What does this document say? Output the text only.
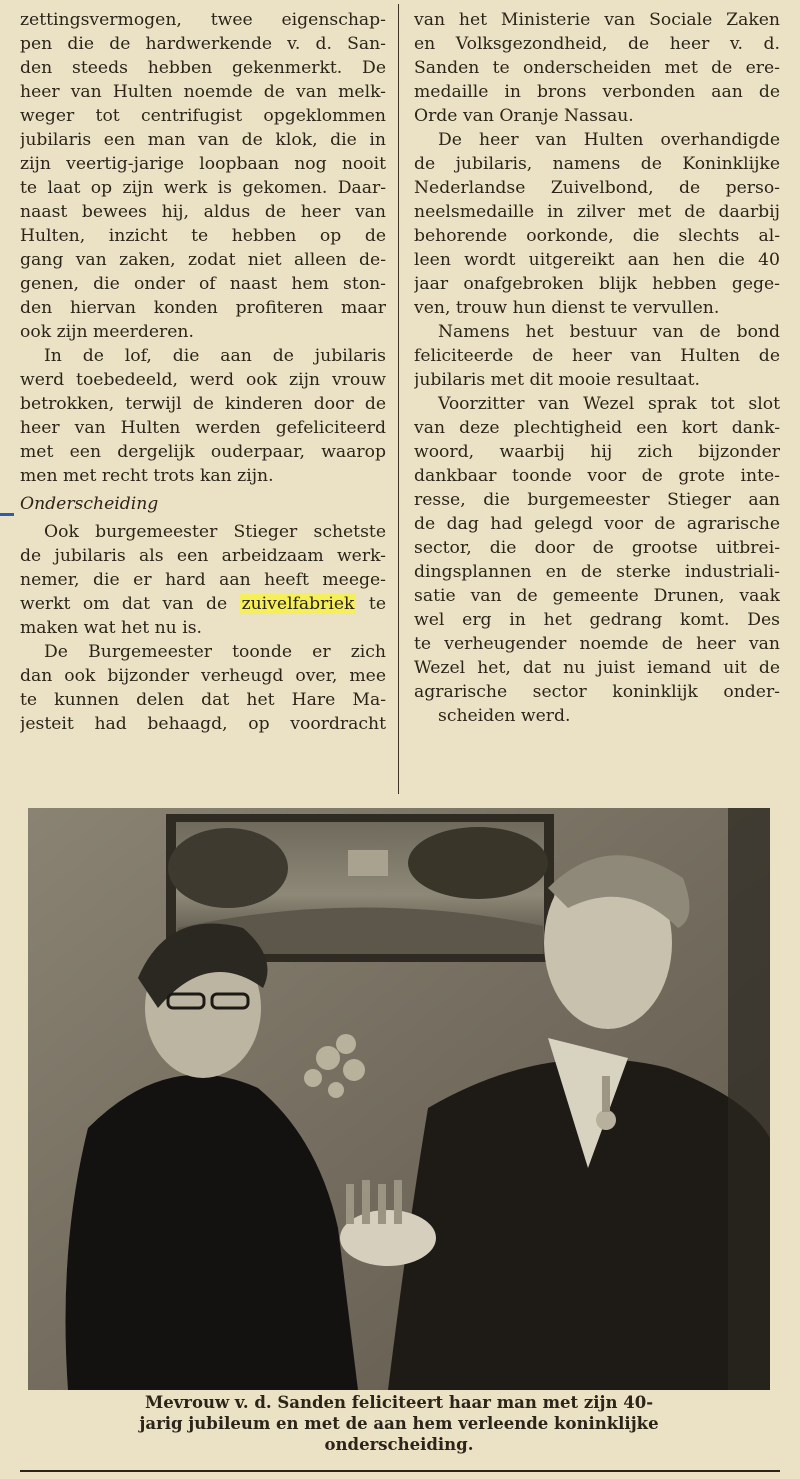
zettingsvermogen, twee eigenschap-
pen die de hardwerkende v. d. San-
den steeds hebben gekenmerkt. De
heer van Hulten noemde de van melk-
weger tot centrifugist opgeklommen
jubilaris een man van de klok, die in
zijn veertig-jarige loopbaan nog nooit
te laat op zijn werk is gekomen. Daar-
naast bewees hij, aldus de heer van
Hulten, inzicht te hebben op de
gang van zaken, zodat niet alleen de-
genen, die onder of naast hem ston-
den hiervan konden profiteren maar
ook zijn meerderen.
In de lof, die aan de jubilaris
werd toebedeeld, werd ook zijn vrouw
betrokken, terwijl de kinderen door de
heer van Hulten werden gefeliciteerd
met een dergelijk ouderpaar, waarop
men met recht trots kan zijn.
Onderscheiding
Ook burgemeester Stieger schetste
de jubilaris als een arbeidzaam werk-
nemer, die er hard aan heeft meege-
werkt om dat van de zuivelfabriek te
maken wat het nu is.
De Burgemeester toonde er zich
dan ook bijzonder verheugd over, mee
te kunnen delen dat het Hare Ma-
jesteit had behaagd, op voordracht
van het Ministerie van Sociale Zaken
en Volksgezondheid, de heer v. d.
Sanden te onderscheiden met de ere-
medaille in brons verbonden aan de
Orde van Oranje Nassau.
De heer van Hulten overhandigde
de jubilaris, namens de Koninklijke
Nederlandse Zuivelbond, de perso-
neelsmedaille in zilver met de daarbij
behorende oorkonde, die slechts al-
leen wordt uitgereikt aan hen die 40
jaar onafgebroken blijk hebben gege-
ven, trouw hun dienst te vervullen.
Namens het bestuur van de bond
feliciteerde de heer van Hulten de
jubilaris met dit mooie resultaat.
Voorzitter van Wezel sprak tot slot
van deze plechtigheid een kort dank-
woord, waarbij hij zich bijzonder
dankbaar toonde voor de grote inte-
resse, die burgemeester Stieger aan
de dag had gelegd voor de agrarische
sector, die door de grootse uitbrei-
dingsplannen en de sterke industriali-
satie van de gemeente Drunen, vaak
wel erg in het gedrang komt. Des
te verheugender noemde de heer van
Wezel het, dat nu juist iemand uit de
agrarische sector koninklijk onder-
scheiden werd.
Mevrouw v. d. Sanden feliciteert haar man met zijn 40-
jarig jubileum en met de aan hem verleende koninklijke
onderscheiding.
